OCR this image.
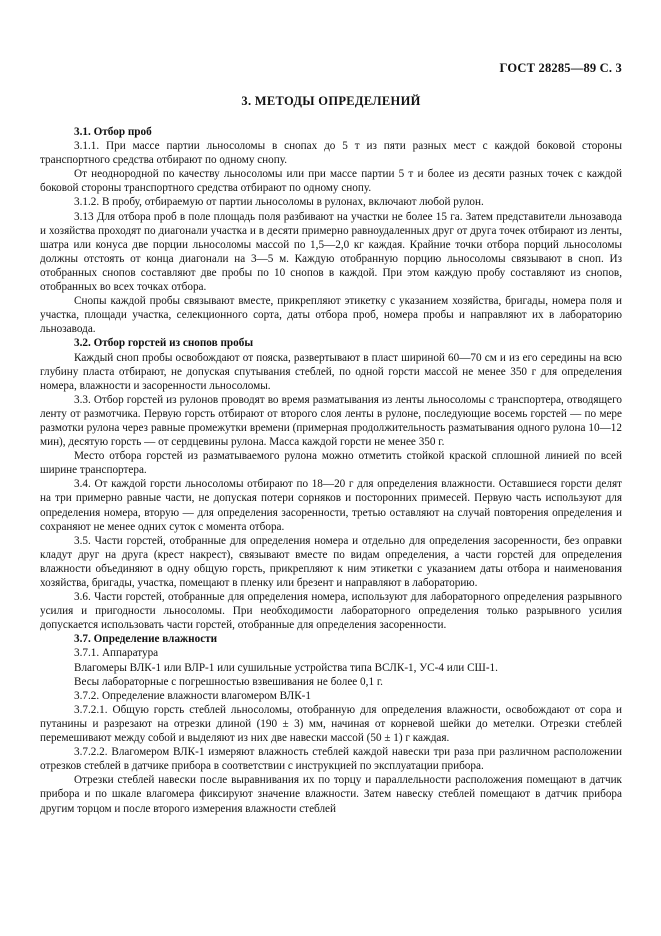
ГОСТ 28285—89 С. 3
3. МЕТОДЫ ОПРЕДЕЛЕНИЙ

3.1. Отбор проб

3.1.1. При массе партии льносоломы в снопах до 5 т из пяти разных мест с каждой боковой стороны транспортного средства отбирают по одному снопу.

От неоднородной по качеству льносоломы или при массе партии 5 т и более из десяти разных точек с каждой боковой стороны транспортного средства отбирают по одному снопу.

3.1.2. В пробу, отбираемую от партии льносоломы в рулонах, включают любой рулон.

3.13 Для отбора проб в поле площадь поля разбивают на участки не более 15 га. Затем представители льнозавода и хозяйства проходят по диагонали участка и в десяти примерно равноудаленных друг от друга точек отбирают из ленты, шатра или конуса две порции льносоломы массой по 1,5—2,0 кг каждая. Крайние точки отбора порций льносоломы должны отстоять от конца диагонали на 3—5 м. Каждую отобранную порцию льносоломы связывают в сноп. Из отобранных снопов составляют две пробы по 10 снопов в каждой. При этом каждую пробу составляют из снопов, отобранных во всех точках отбора.

Снопы каждой пробы связывают вместе, прикрепляют этикетку с указанием хозяйства, бригады, номера поля и участка, площади участка, селекционного сорта, даты отбора проб, номера пробы и направляют их в лабораторию льнозавода.

3.2. Отбор горстей из снопов пробы

Каждый сноп пробы освобождают от пояска, развертывают в пласт шириной 60—70 см и из его середины на всю глубину пласта отбирают, не допуская спутывания стеблей, по одной горсти массой не менее 350 г для определения номера, влажности и засоренности льносоломы.

3.3. Отбор горстей из рулонов проводят во время разматывания из ленты льносоломы с транспортера, отводящего ленту от размотчика. Первую горсть отбирают от второго слоя ленты в рулоне, последующие восемь горстей — по мере размотки рулона через равные промежутки времени (примерная продолжительность разматывания одного рулона 10—12 мин), десятую горсть — от сердцевины рулона. Масса каждой горсти не менее 350 г.

Место отбора горстей из разматываемого рулона можно отметить стойкой краской сплошной линией по всей ширине транспортера.

3.4. От каждой горсти льносоломы отбирают по 18—20 г для определения влажности. Оставшиеся горсти делят на три примерно равные части, не допуская потери сорняков и посторонних примесей. Первую часть используют для определения номера, вторую — для определения засоренности, третью оставляют на случай повторения определения и сохраняют не менее одних суток с момента отбора.

3.5. Части горстей, отобранные для определения номера и отдельно для определения засоренности, без оправки кладут друг на друга (крест накрест), связывают вместе по видам определения, а части горстей для определения влажности объединяют в одну общую горсть, прикрепляют к ним этикетки с указанием даты отбора и наименования хозяйства, бригады, участка, помещают в пленку или брезент и направляют в лабораторию.

3.6. Части горстей, отобранные для определения номера, используют для лабораторного определения разрывного усилия и пригодности льносоломы. При необходимости лабораторного определения только разрывного усилия допускается использовать части горстей, отобранные для определения засоренности.

3.7. Определение влажности

3.7.1. Аппаратура

Влагомеры ВЛК-1 или ВЛР-1 или сушильные устройства типа ВСЛК-1, УС-4 или СШ-1.

Весы лабораторные с погрешностью взвешивания не более 0,1 г.

3.7.2. Определение влажности влагомером ВЛК-1

3.7.2.1. Общую горсть стеблей льносоломы, отобранную для определения влажности, освобождают от сора и путанины и разрезают на отрезки длиной (190 ± 3) мм, начиная от корневой шейки до метелки. Отрезки стеблей перемешивают между собой и выделяют из них две навески массой (50 ± 1) г каждая.

3.7.2.2. Влагомером ВЛК-1 измеряют влажность стеблей каждой навески три раза при различном расположении отрезков стеблей в датчике прибора в соответствии с инструкцией по эксплуатации прибора.

Отрезки стеблей навески после выравнивания их по торцу и параллельности расположения помещают в датчик прибора и по шкале влагомера фиксируют значение влажности. Затем навеску стеблей помещают в датчик прибора другим торцом и после второго измерения влажности стеблей
